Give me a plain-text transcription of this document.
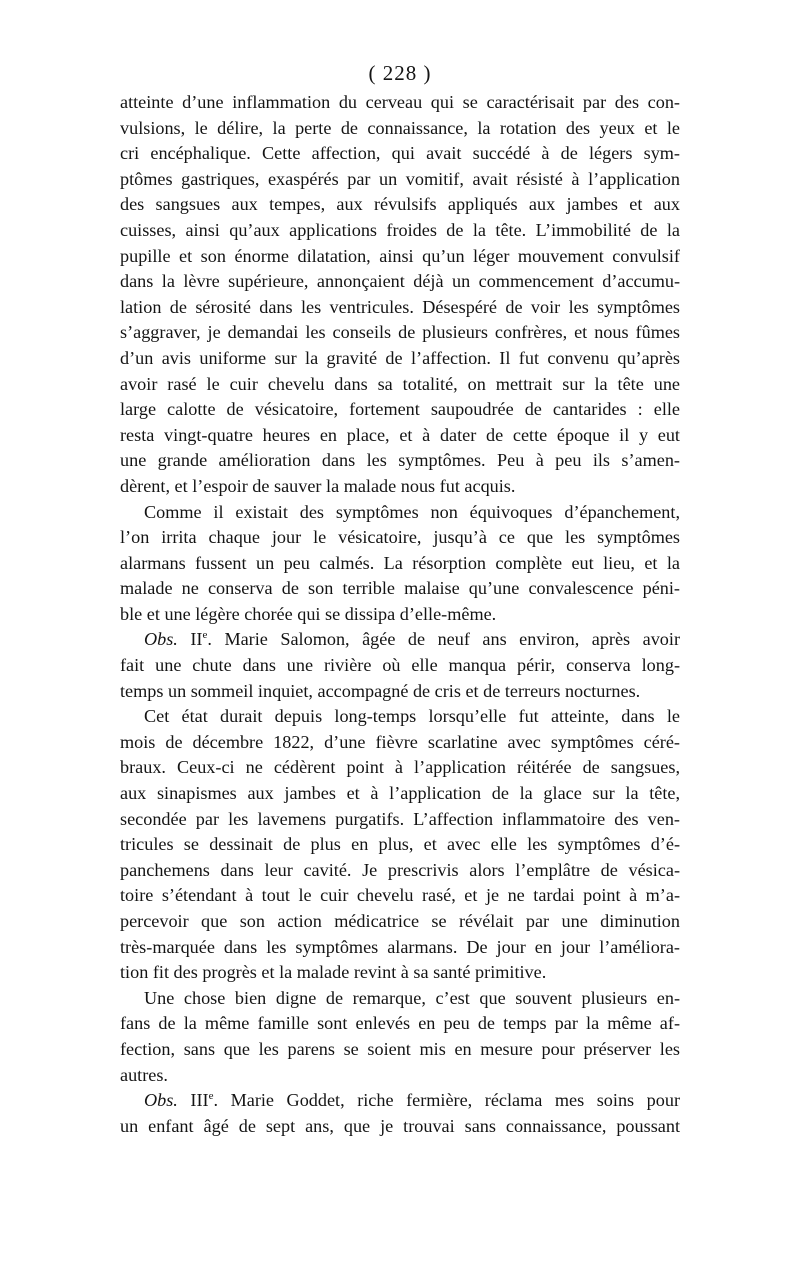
( 228 )
atteinte d’une inflammation du cerveau qui se caractérisait par des con-
vulsions, le délire, la perte de connaissance, la rotation des yeux et le
cri encéphalique. Cette affection, qui avait succédé à de légers sym-
ptômes gastriques, exaspérés par un vomitif, avait résisté à l’application
des sangsues aux tempes, aux révulsifs appliqués aux jambes et aux
cuisses, ainsi qu’aux applications froides de la tête. L’immobilité de la
pupille et son énorme dilatation, ainsi qu’un léger mouvement convulsif
dans la lèvre supérieure, annonçaient déjà un commencement d’accumu-
lation de sérosité dans les ventricules. Désespéré de voir les symptômes
s’aggraver, je demandai les conseils de plusieurs confrères, et nous fûmes
d’un avis uniforme sur la gravité de l’affection. Il fut convenu qu’après
avoir rasé le cuir chevelu dans sa totalité, on mettrait sur la tête une
large calotte de vésicatoire, fortement saupoudrée de cantarides : elle
resta vingt-quatre heures en place, et à dater de cette époque il y eut
une grande amélioration dans les symptômes. Peu à peu ils s’amen-
dèrent, et l’espoir de sauver la malade nous fut acquis.
Comme il existait des symptômes non équivoques d’épanchement,
l’on irrita chaque jour le vésicatoire, jusqu’à ce que les symptômes
alarmans fussent un peu calmés. La résorption complète eut lieu, et la
malade ne conserva de son terrible malaise qu’une convalescence péni-
ble et une légère chorée qui se dissipa d’elle-même.
Obs. IIe. Marie Salomon, âgée de neuf ans environ, après avoir
fait une chute dans une rivière où elle manqua périr, conserva long-
temps un sommeil inquiet, accompagné de cris et de terreurs nocturnes.
Cet état durait depuis long-temps lorsqu’elle fut atteinte, dans le
mois de décembre 1822, d’une fièvre scarlatine avec symptômes céré-
braux. Ceux-ci ne cédèrent point à l’application réitérée de sangsues,
aux sinapismes aux jambes et à l’application de la glace sur la tête,
secondée par les lavemens purgatifs. L’affection inflammatoire des ven-
tricules se dessinait de plus en plus, et avec elle les symptômes d’é-
panchemens dans leur cavité. Je prescrivis alors l’emplâtre de vésica-
toire s’étendant à tout le cuir chevelu rasé, et je ne tardai point à m’a-
percevoir que son action médicatrice se révélait par une diminution
très-marquée dans les symptômes alarmans. De jour en jour l’améliora-
tion fit des progrès et la malade revint à sa santé primitive.
Une chose bien digne de remarque, c’est que souvent plusieurs en-
fans de la même famille sont enlevés en peu de temps par la même af-
fection, sans que les parens se soient mis en mesure pour préserver les
autres.
Obs. IIIe. Marie Goddet, riche fermière, réclama mes soins pour
un enfant âgé de sept ans, que je trouvai sans connaissance, poussant
